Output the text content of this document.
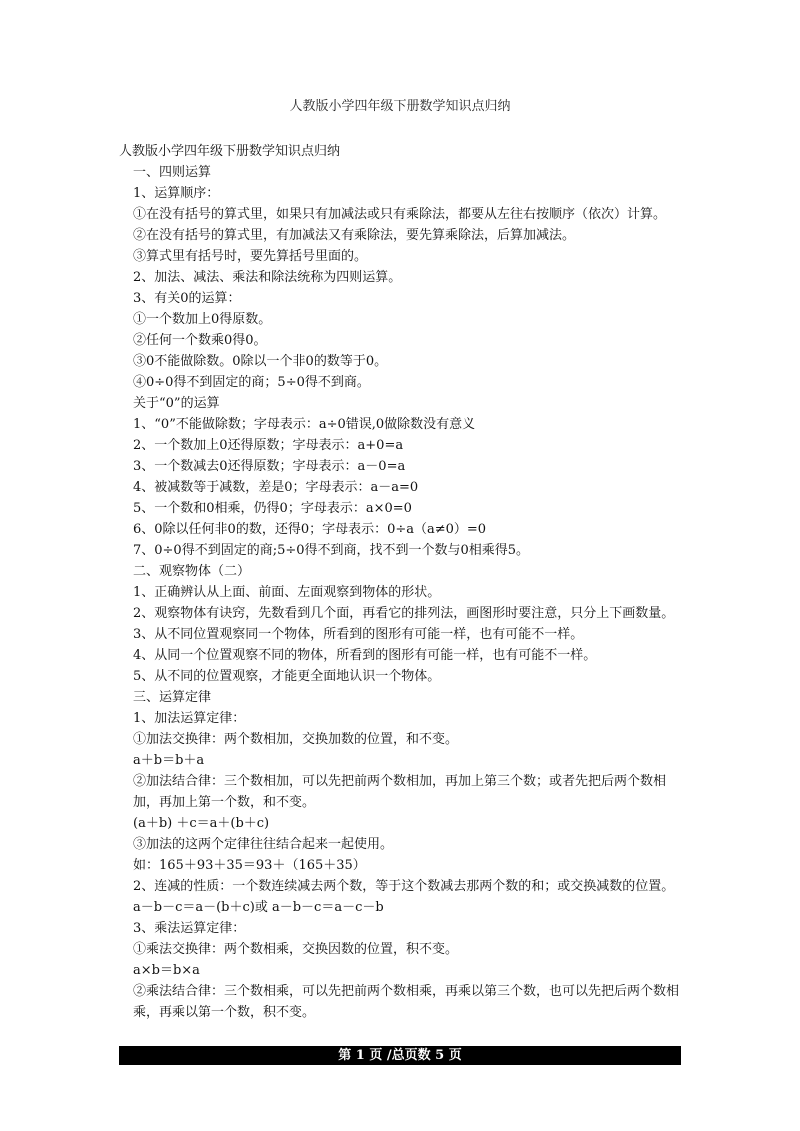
人教版小学四年级下册数学知识点归纳
人教版小学四年级下册数学知识点归纳
一、四则运算
1、运算顺序：
①在没有括号的算式里，如果只有加减法或只有乘除法，都要从左往右按顺序（依次）计算。
②在没有括号的算式里，有加减法又有乘除法，要先算乘除法，后算加减法。
③算式里有括号时，要先算括号里面的。
2、加法、减法、乘法和除法统称为四则运算。
3、有关0的运算：
①一个数加上0得原数。
②任何一个数乘0得0。
③0不能做除数。0除以一个非0的数等于0。
④0÷0得不到固定的商；5÷0得不到商。
关于“0”的运算
1、“0”不能做除数；字母表示：a÷0错误,0做除数没有意义
2、一个数加上0还得原数；字母表示：a+0=a
3、一个数减去0还得原数；字母表示：a－0=a
4、被减数等于减数，差是0；字母表示：a－a=0
5、一个数和0相乘，仍得0；字母表示：a×0=0
6、0除以任何非0的数，还得0；字母表示：0÷a（a≠0）=0
7、0÷0得不到固定的商;5÷0得不到商，找不到一个数与0相乘得5。
二、观察物体（二）
1、正确辨认从上面、前面、左面观察到物体的形状。
2、观察物体有诀窍，先数看到几个面，再看它的排列法，画图形时要注意，只分上下画数量。
3、从不同位置观察同一个物体，所看到的图形有可能一样，也有可能不一样。
4、从同一个位置观察不同的物体，所看到的图形有可能一样，也有可能不一样。
5、从不同的位置观察，才能更全面地认识一个物体。
三、运算定律
1、加法运算定律：
①加法交换律：两个数相加，交换加数的位置，和不变。
a＋b＝b＋a
②加法结合律：三个数相加，可以先把前两个数相加，再加上第三个数；或者先把后两个数相加，再加上第一个数，和不变。
(a＋b) ＋c＝a＋(b＋c)
③加法的这两个定律往往结合起来一起使用。
如：165＋93＋35＝93＋（165＋35）
2、连减的性质：一个数连续减去两个数，等于这个数减去那两个数的和；或交换减数的位置。
a－b－c＝a－(b＋c)或 a－b－c＝a－c－b
3、乘法运算定律：
①乘法交换律：两个数相乘，交换因数的位置，积不变。
a×b＝b×a
②乘法结合律：三个数相乘，可以先把前两个数相乘，再乘以第三个数，也可以先把后两个数相乘，再乘以第一个数，积不变。
第 1 页 /总页数 5 页
